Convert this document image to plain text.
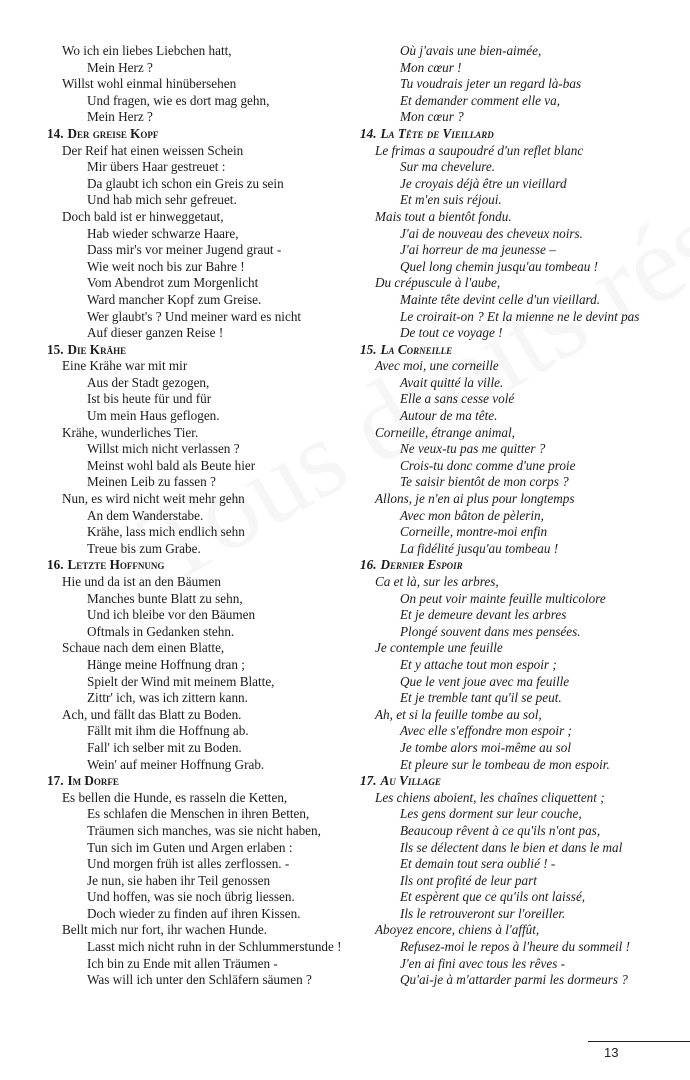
Wo ich ein liebes Liebchen hatt,
Mein Herz ?
Willst wohl einmal hinübersehen
Und fragen, wie es dort mag gehn,
Mein Herz ?
14. Der greise Kopf
Der Reif hat einen weissen Schein
Mir übers Haar gestreuet :
Da glaubt ich schon ein Greis zu sein
Und hab mich sehr gefreuet.
Doch bald ist er hinweggetaut,
Hab wieder schwarze Haare,
Dass mir's vor meiner Jugend graut -
Wie weit noch bis zur Bahre !
Vom Abendrot zum Morgenlicht
Ward mancher Kopf zum Greise.
Wer glaubt's ? Und meiner ward es nicht
Auf dieser ganzen Reise !
15. Die Krähe
Eine Krähe war mit mir
Aus der Stadt gezogen,
Ist bis heute für und für
Um mein Haus geflogen.
Krähe, wunderliches Tier.
Willst mich nicht verlassen ?
Meinst wohl bald als Beute hier
Meinen Leib zu fassen ?
Nun, es wird nicht weit mehr gehn
An dem Wanderstabe.
Krähe, lass mich endlich sehn
Treue bis zum Grabe.
16. Letzte Hoffnung
Hie und da ist an den Bäumen
Manches bunte Blatt zu sehn,
Und ich bleibe vor den Bäumen
Oftmals in Gedanken stehn.
Schaue nach dem einen Blatte,
Hänge meine Hoffnung dran ;
Spielt der Wind mit meinem Blatte,
Zittr' ich, was ich zittern kann.
Ach, und fällt das Blatt zu Boden.
Fällt mit ihm die Hoffnung ab.
Fall' ich selber mit zu Boden.
Wein' auf meiner Hoffnung Grab.
17. Im Dorfe
Es bellen die Hunde, es rasseln die Ketten,
Es schlafen die Menschen in ihren Betten,
Träumen sich manches, was sie nicht haben,
Tun sich im Guten und Argen erlaben :
Und morgen früh ist alles zerflossen. -
Je nun, sie haben ihr Teil genossen
Und hoffen, was sie noch übrig liessen.
Doch wieder zu finden auf ihren Kissen.
Bellt mich nur fort, ihr wachen Hunde.
Lasst mich nicht ruhn in der Schlummerstunde !
Ich bin zu Ende mit allen Träumen -
Was will ich unter den Schläfern säumen ?
Où j'avais une bien-aimée,
Mon cœur !
Tu voudrais jeter un regard là-bas
Et demander comment elle va,
Mon cœur ?
14. La Tête de Vieillard
Le frimas a saupoudré d'un reflet blanc
Sur ma chevelure.
Je croyais déjà être un vieillard
Et m'en suis réjoui.
Mais tout a bientôt fondu.
J'ai de nouveau des cheveux noirs.
J'ai horreur de ma jeunesse –
Quel long chemin jusqu'au tombeau !
Du crépuscule à l'aube,
Mainte tête devint celle d'un vieillard.
Le croirait-on ? Et la mienne ne le devint pas
De tout ce voyage !
15. La Corneille
Avec moi, une corneille
Avait quitté la ville.
Elle a sans cesse volé
Autour de ma tête.
Corneille, étrange animal,
Ne veux-tu pas me quitter ?
Crois-tu donc comme d'une proie
Te saisir bientôt de mon corps ?
Allons, je n'en ai plus pour longtemps
Avec mon bâton de pèlerin,
Corneille, montre-moi enfin
La fidélité jusqu'au tombeau !
16. Dernier Espoir
Ca et là, sur les arbres,
On peut voir mainte feuille multicolore
Et je demeure devant les arbres
Plongé souvent dans mes pensées.
Je contemple une feuille
Et y attache tout mon espoir ;
Que le vent joue avec ma feuille
Et je tremble tant qu'il se peut.
Ah, et si la feuille tombe au sol,
Avec elle s'effondre mon espoir ;
Je tombe alors moi-même au sol
Et pleure sur le tombeau de mon espoir.
17. Au Village
Les chiens aboient, les chaînes cliquettent ;
Les gens dorment sur leur couche,
Beaucoup rêvent à ce qu'ils n'ont pas,
Ils se délectent dans le bien et dans le mal
Et demain tout sera oublié ! -
Ils ont profité de leur part
Et espèrent que ce qu'ils ont laissé,
Ils le retrouveront sur l'oreiller.
Aboyez encore, chiens à l'affût,
Refusez-moi le repos à l'heure du sommeil !
J'en ai fini avec tous les rêves -
Qu'ai-je à m'attarder parmi les dormeurs ?
13
